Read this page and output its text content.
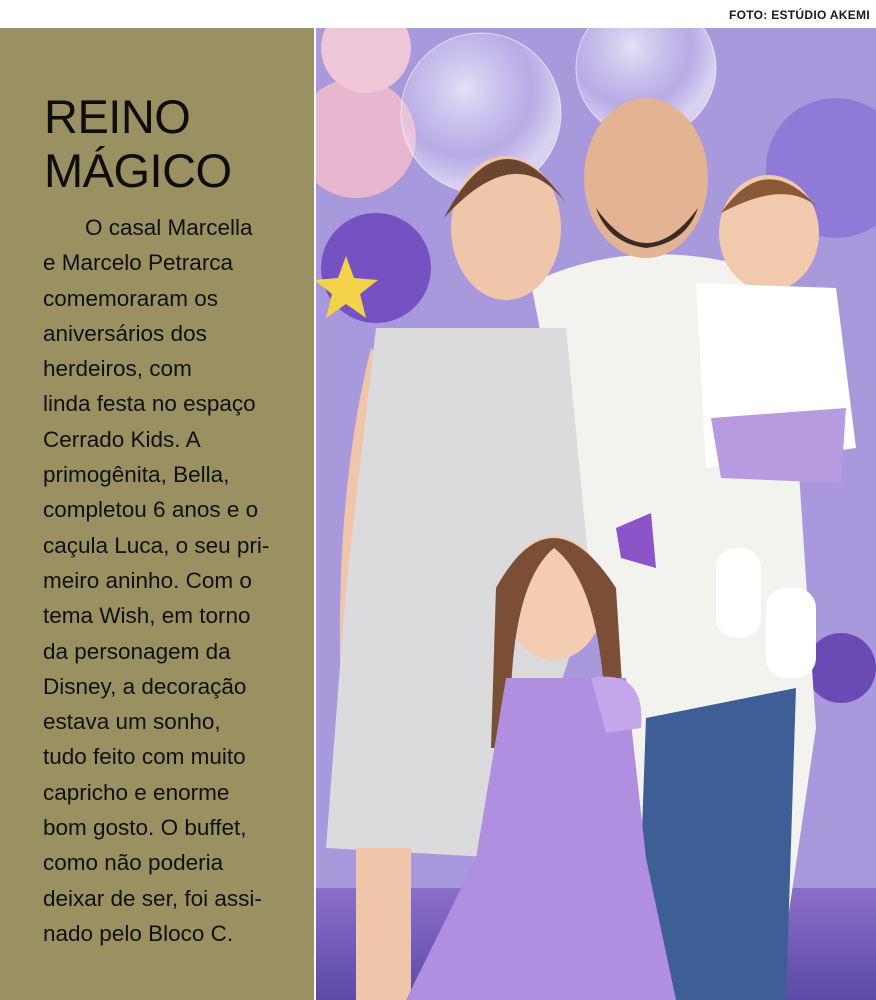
FOTO: ESTÚDIO AKEMI
REINO
MÁGICO

O casal Marcella
e Marcelo Petrarca
comemoraram os
aniversários dos
herdeiros, com
linda festa no espaço
Cerrado Kids. A
primogênita, Bella,
completou 6 anos e o
caçula Luca, o seu pri-
meiro aninho. Com o
tema Wish, em torno
da personagem da
Disney, a decoração
estava um sonho,
tudo feito com muito
capricho e enorme
bom gosto. O buffet,
como não poderia
deixar de ser, foi assi-
nado pelo Bloco C.
